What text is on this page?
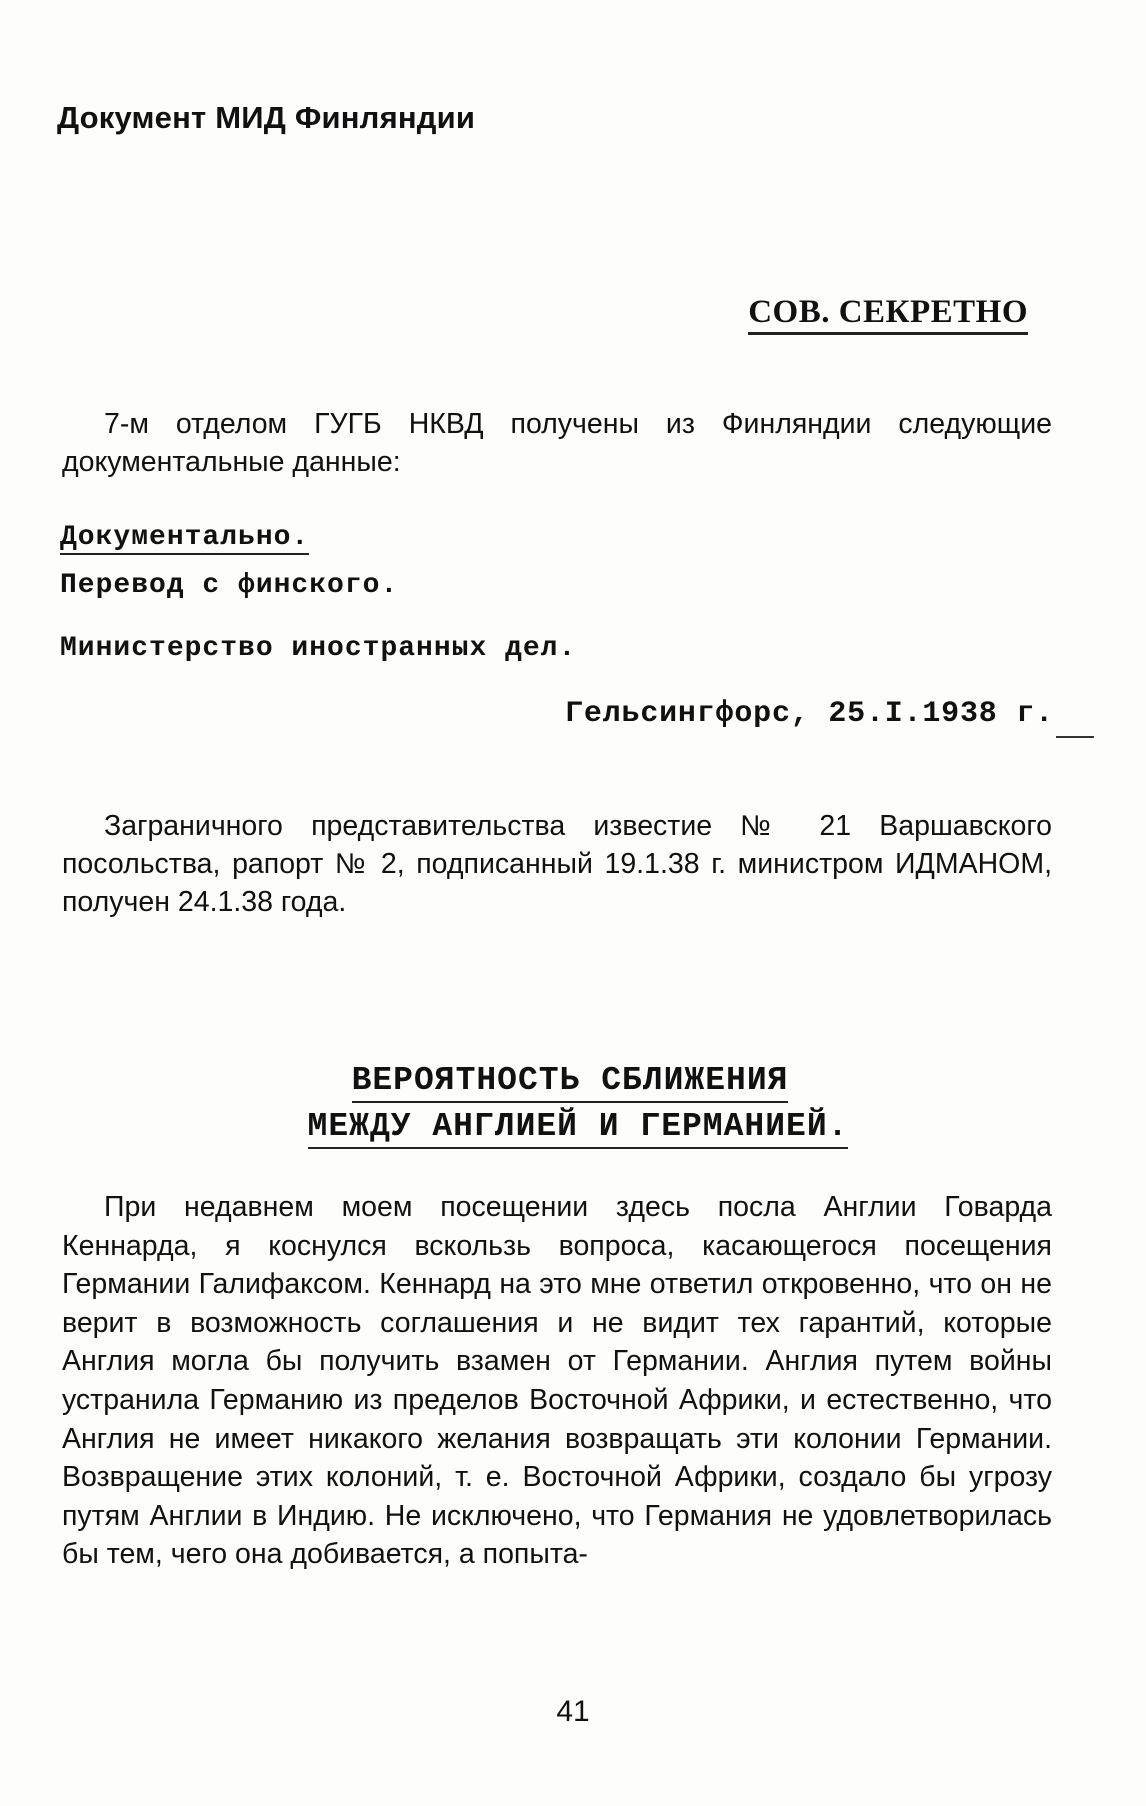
Документ МИД Финляндии
СОВ. СЕКРЕТНО
7-м отделом ГУГБ НКВД получены из Финляндии следующие документальные данные:
Документально.
Перевод с финского.
Министерство иностранных дел.
Гельсингфорс, 25.I.1938 г.
Заграничного представительства известие № 21 Варшавского посольства, рапорт № 2, подписанный 19.1.38 г. министром ИДМАНОМ, получен 24.1.38 года.
ВЕРОЯТНОСТЬ СБЛИЖЕНИЯ
МЕЖДУ АНГЛИЕЙ И ГЕРМАНИЕЙ.
При недавнем моем посещении здесь посла Англии Говарда Кеннарда, я коснулся вскользь вопроса, касающегося посещения Германии Галифаксом. Кеннард на это мне ответил откровенно, что он не верит в возможность соглашения и не видит тех гарантий, которые Англия могла бы получить взамен от Германии. Англия путем войны устранила Германию из пределов Восточной Африки, и естественно, что Англия не имеет никакого желания возвращать эти колонии Германии. Возвращение этих колоний, т. е. Восточной Африки, создало бы угрозу путям Англии в Индию. Не исключено, что Германия не удовлетворилась бы тем, чего она добивается, а попыта-
41
